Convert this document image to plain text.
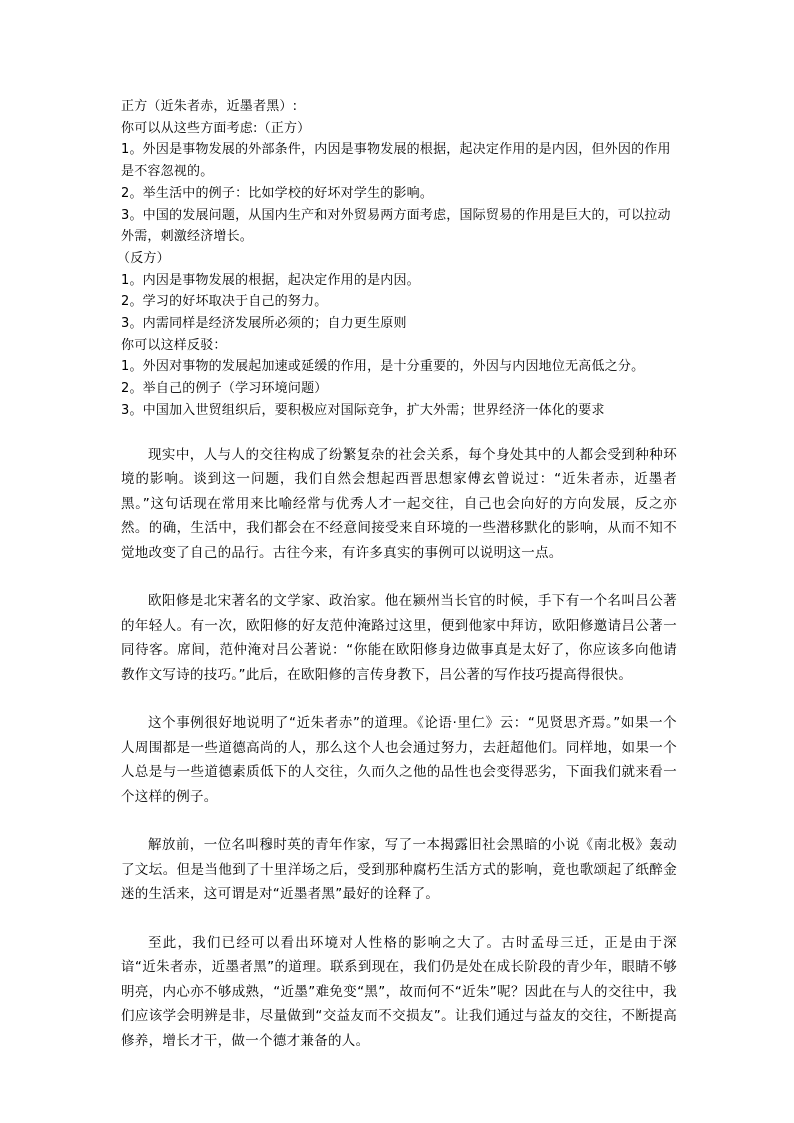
正方（近朱者赤，近墨者黑）:

你可以从这些方面考虑:（正方）

1。外因是事物发展的外部条件，内因是事物发展的根据，起决定作用的是内因，但外因的作用是不容忽视的。

2。举生活中的例子：比如学校的好坏对学生的影响。

3。中国的发展问题，从国内生产和对外贸易两方面考虑，国际贸易的作用是巨大的，可以拉动外需，刺激经济增长。

（反方）

1。内因是事物发展的根据，起决定作用的是内因。

2。学习的好坏取决于自己的努力。

3。内需同样是经济发展所必须的；自力更生原则

你可以这样反驳：

1。外因对事物的发展起加速或延缓的作用，是十分重要的，外因与内因地位无高低之分。

2。举自己的例子（学习环境问题）

3。中国加入世贸组织后，要积极应对国际竞争，扩大外需；世界经济一体化的要求

现实中，人与人的交往构成了纷繁复杂的社会关系，每个身处其中的人都会受到种种环境的影响。谈到这一问题，我们自然会想起西晋思想家傅玄曾说过：“近朱者赤，近墨者黑。”这句话现在常用来比喻经常与优秀人才一起交往，自己也会向好的方向发展，反之亦然。的确，生活中，我们都会在不经意间接受来自环境的一些潜移默化的影响，从而不知不觉地改变了自己的品行。古往今来，有许多真实的事例可以说明这一点。

欧阳修是北宋著名的文学家、政治家。他在颍州当长官的时候，手下有一个名叫吕公著的年轻人。有一次，欧阳修的好友范仲淹路过这里，便到他家中拜访，欧阳修邀请吕公著一同待客。席间，范仲淹对吕公著说：“你能在欧阳修身边做事真是太好了，你应该多向他请教作文写诗的技巧。”此后，在欧阳修的言传身教下，吕公著的写作技巧提高得很快。

这个事例很好地说明了“近朱者赤”的道理。《论语·里仁》云：“见贤思齐焉。”如果一个人周围都是一些道德高尚的人，那么这个人也会通过努力，去赶超他们。同样地，如果一个人总是与一些道德素质低下的人交往，久而久之他的品性也会变得恶劣，下面我们就来看一个这样的例子。

解放前，一位名叫穆时英的青年作家，写了一本揭露旧社会黑暗的小说《南北极》轰动了文坛。但是当他到了十里洋场之后，受到那种腐朽生活方式的影响，竟也歌颂起了纸醉金迷的生活来，这可谓是对“近墨者黑”最好的诠释了。

至此，我们已经可以看出环境对人性格的影响之大了。古时孟母三迁，正是由于深谙“近朱者赤，近墨者黑”的道理。联系到现在，我们仍是处在成长阶段的青少年，眼睛不够明亮，内心亦不够成熟，“近墨”难免变“黑”，故而何不“近朱”呢？因此在与人的交往中，我们应该学会明辨是非，尽量做到“交益友而不交损友”。让我们通过与益友的交往，不断提高修养，增长才干，做一个德才兼备的人。
